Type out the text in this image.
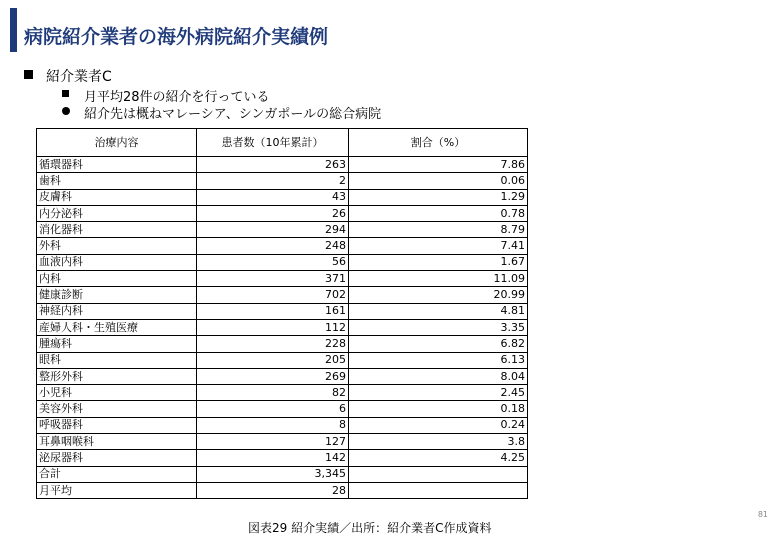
病院紹介業者の海外病院紹介実績例
紹介業者C
月平均28件の紹介を行っている
紹介先は概ねマレーシア、シンガポールの総合病院
治療内容	患者数（10年累計）	割合（%）
循環器科	263	7.86
歯科	2	0.06
皮膚科	43	1.29
内分泌科	26	0.78
消化器科	294	8.79
外科	248	7.41
血液内科	56	1.67
内科	371	11.09
健康診断	702	20.99
神経内科	161	4.81
産婦人科・生殖医療	112	3.35
腫瘍科	228	6.82
眼科	205	6.13
整形外科	269	8.04
小児科	82	2.45
美容外科	6	0.18
呼吸器科	8	0.24
耳鼻咽喉科	127	3.8
泌尿器科	142	4.25
合計	3,345	
月平均	28	
図表29 紹介実績／出所：紹介業者C作成資料
81
